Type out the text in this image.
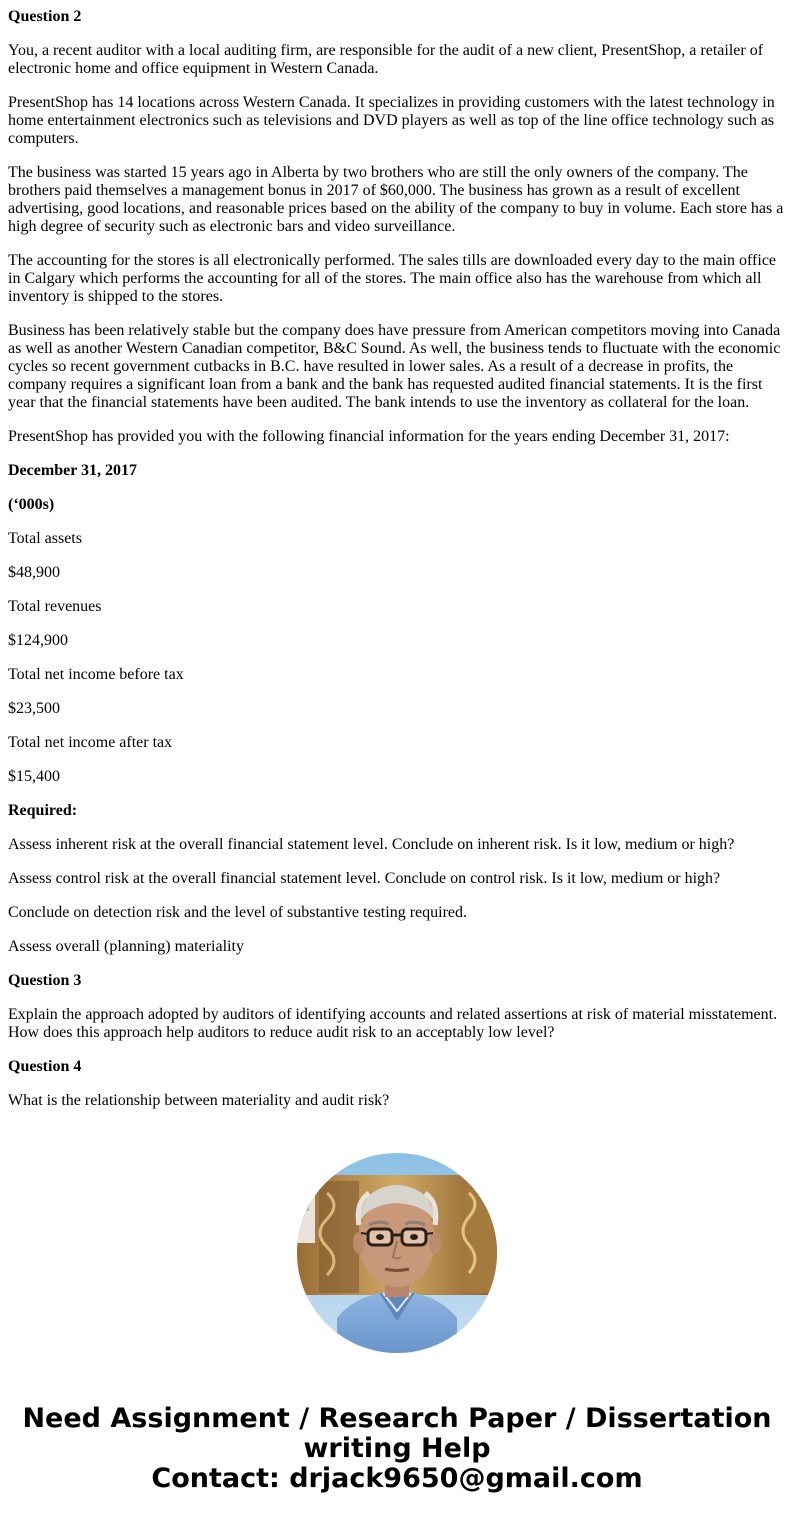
Question 2

You, a recent auditor with a local auditing firm, are responsible for the audit of a new client, PresentShop, a retailer of electronic home and office equipment in Western Canada.

PresentShop has 14 locations across Western Canada. It specializes in providing customers with the latest technology in home entertainment electronics such as televisions and DVD players as well as top of the line office technology such as computers.

The business was started 15 years ago in Alberta by two brothers who are still the only owners of the company. The brothers paid themselves a management bonus in 2017 of $60,000. The business has grown as a result of excellent advertising, good locations, and reasonable prices based on the ability of the company to buy in volume. Each store has a high degree of security such as electronic bars and video surveillance.

The accounting for the stores is all electronically performed. The sales tills are downloaded every day to the main office in Calgary which performs the accounting for all of the stores. The main office also has the warehouse from which all inventory is shipped to the stores.

Business has been relatively stable but the company does have pressure from American competitors moving into Canada as well as another Western Canadian competitor, B&C Sound. As well, the business tends to fluctuate with the economic cycles so recent government cutbacks in B.C. have resulted in lower sales. As a result of a decrease in profits, the company requires a significant loan from a bank and the bank has requested audited financial statements. It is the first year that the financial statements have been audited. The bank intends to use the inventory as collateral for the loan.

PresentShop has provided you with the following financial information for the years ending December 31, 2017:

December 31, 2017

(‘000s)

Total assets

$48,900

Total revenues

$124,900

Total net income before tax

$23,500

Total net income after tax

$15,400

Required:

Assess inherent risk at the overall financial statement level. Conclude on inherent risk. Is it low, medium or high?

Assess control risk at the overall financial statement level. Conclude on control risk. Is it low, medium or high?

Conclude on detection risk and the level of substantive testing required.

Assess overall (planning) materiality

Question 3

Explain the approach adopted by auditors of identifying accounts and related assertions at risk of material misstatement. How does this approach help auditors to reduce audit risk to an acceptably low level?

Question 4

What is the relationship between materiality and audit risk?

Need Assignment / Research Paper / Dissertation
writing Help
Contact: drjack9650@gmail.com
